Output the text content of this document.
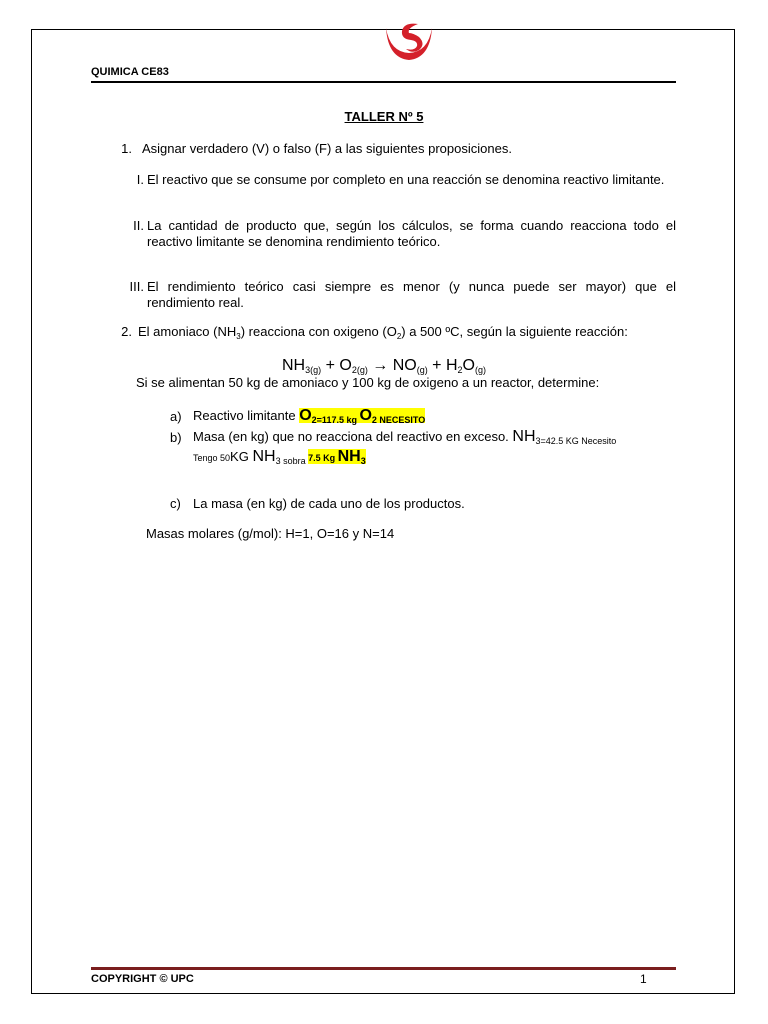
QUIMICA CE83
TALLER Nº 5
1. Asignar verdadero (V) o falso (F) a las siguientes proposiciones.
I. El reactivo que se consume por completo en una reacción se denomina reactivo limitante.
II. La cantidad de producto que, según los cálculos, se forma cuando reacciona todo el reactivo limitante se denomina rendimiento teórico.
III. El rendimiento teórico casi siempre es menor (y nunca puede ser mayor) que el rendimiento real.
2. El amoniaco $(NH_3)$ reacciona con oxigeno $(O_2)$ a 500 ºC, según la siguiente reacción:
$NH_{3(g)} + O_{2(g)} \to NO_{(g)} + H_2O_{(g)}$
Si se alimentan 50 kg de amoniaco y 100 kg de oxigeno a un reactor, determine:
a) Reactivo limitante $O_{2=117.5 kg}$ $O_{2 NECESITO}$
b) Masa (en kg) que no reacciona del reactivo en exceso. $NH_{3=42.5 KG Necesito}$
Tengo 50KG $NH_{3 sobra}$ 7.5 Kg $NH_3$
c) La masa (en kg) de cada uno de los productos.
Masas molares (g/mol): H=1, O=16 y N=14
COPYRIGHT © UPC	1
